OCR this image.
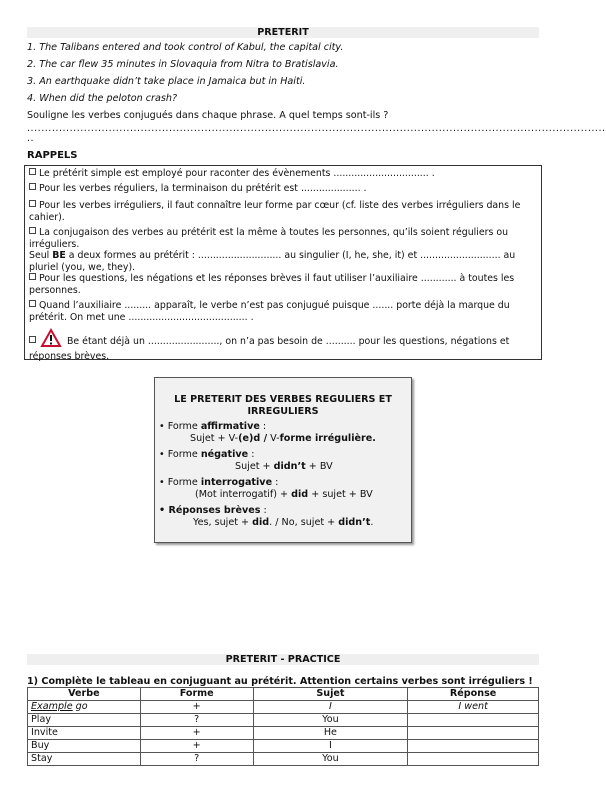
PRETERIT
1. The Talibans entered and took control of Kabul, the capital city.
2. The car flew 35 minutes in Slovaquia from Nitra to Bratislavia.
3. An earthquake didn’t take place in Jamaica but in Haiti.
4. When did the peloton crash?
Souligne les verbes conjugués dans chaque phrase. A quel temps sont-ils ?
...................................................................................................................................................................
..
RAPPELS
Le prétérit simple est employé pour raconter des évènements ................................ .
Pour les verbes réguliers, la terminaison du prétérit est .................... .
Pour les verbes irréguliers, il faut connaître leur forme par cœur (cf. liste des verbes irréguliers dans le
cahier).
La conjugaison des verbes au prétérit est la même à toutes les personnes, qu’ils soient réguliers ou
irréguliers.
Seul BE a deux formes au prétérit : ............................ au singulier (I, he, she, it) et ........................... au
pluriel (you, we, they).
Pour les questions, les négations et les réponses brèves il faut utiliser l’auxiliaire ............ à toutes les
personnes.
Quand l’auxiliaire ......... apparaît, le verbe n’est pas conjugué puisque ....... porte déjà la marque du
prétérit. On met une ........................................ .
Be étant déjà un ........................, on n’a pas besoin de .......... pour les questions, négations et
réponses brèves.
LE PRETERIT DES VERBES REGULIERS ET IRREGULIERS
• Forme affirmative :
Sujet + V-(e)d / V-forme irrégulière.
• Forme négative :
Sujet + didn’t + BV
• Forme interrogative :
(Mot interrogatif) + did + sujet + BV
• Réponses brèves :
Yes, sujet + did. / No, sujet + didn’t.
PRETERIT - PRACTICE
1) Complète le tableau en conjuguant au prétérit. Attention certains verbes sont irréguliers !
Verbe	Forme	Sujet	Réponse
Example go	+	I	I went
Play	?	You	
Invite	+	He	
Buy	+	I	
Stay	?	You	
